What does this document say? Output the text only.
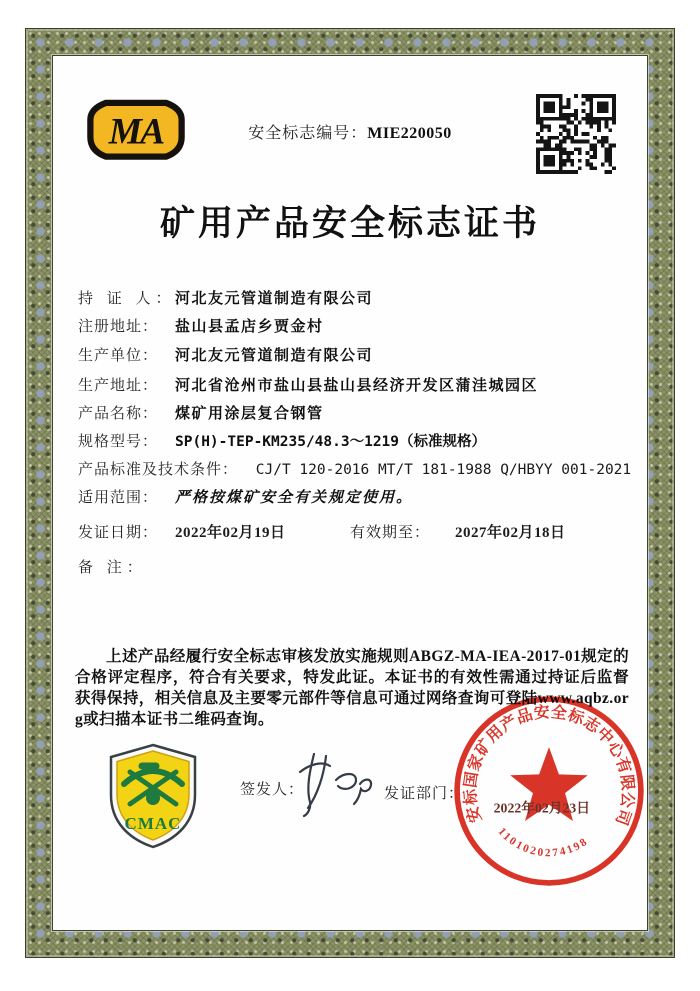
MA	安全标志编号：MIE220050
矿用产品安全标志证书
持 证 人： 河北友元管道制造有限公司
注册地址： 盐山县孟店乡贾金村
生产单位： 河北友元管道制造有限公司
生产地址： 河北省沧州市盐山县盐山县经济开发区蒲洼城园区
产品名称： 煤矿用涂层复合钢管
规格型号： SP(H)-TEP-KM235/48.3～1219（标准规格）
产品标准及技术条件： CJ/T 120-2016 MT/T 181-1988 Q/HBYY 001-2021
适用范围： 严格按煤矿安全有关规定使用。
发证日期： 2022年02月19日	有效期至： 2027年02月18日
备 注：
上述产品经履行安全标志审核发放实施规则ABGZ-MA-IEA-2017-01规定的合格评定程序，符合有关要求，特发此证。本证书的有效性需通过持证后监督获得保持，相关信息及主要零元部件等信息可通过网络查询可登陆www.aqbz.org或扫描本证书二维码查询。
CMAC
签发人：	发证部门：
安标国家矿用产品安全标志中心有限公司
2022年02月23日
1101020274198
